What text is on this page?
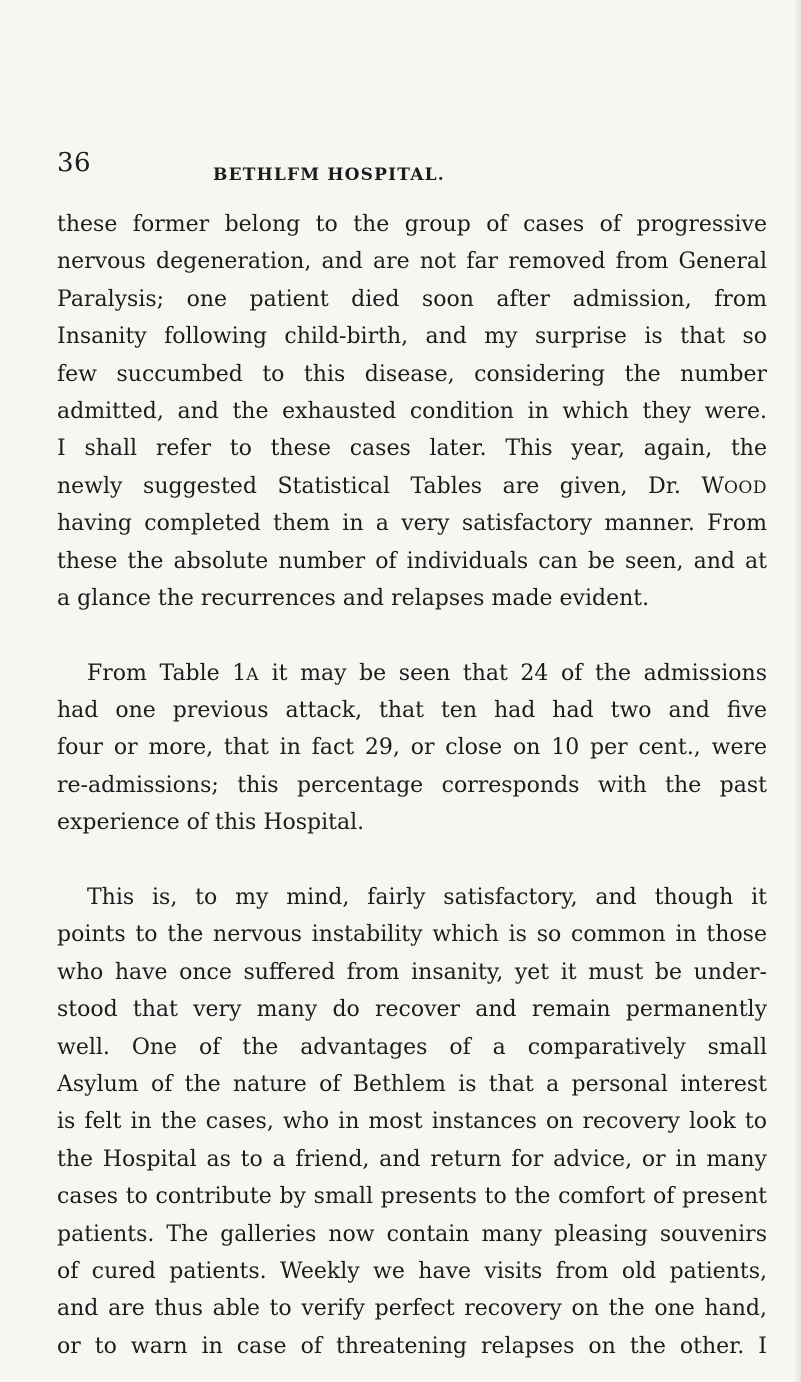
36	BETHLFM HOSPITAL.
these former belong to the group of cases of progressive
nervous degeneration, and are not far removed from General
Paralysis; one patient died soon after admission, from
Insanity following child-birth, and my surprise is that so
few succumbed to this disease, considering the number
admitted, and the exhausted condition in which they were.
I shall refer to these cases later. This year, again, the
newly suggested Statistical Tables are given, Dr. WOOD
having completed them in a very satisfactory manner. From
these the absolute number of individuals can be seen, and at
a glance the recurrences and relapses made evident.
From Table 1A it may be seen that 24 of the admissions
had one previous attack, that ten had had two and five
four or more, that in fact 29, or close on 10 per cent., were
re-admissions; this percentage corresponds with the past
experience of this Hospital.
This is, to my mind, fairly satisfactory, and though it
points to the nervous instability which is so common in those
who have once suffered from insanity, yet it must be under-
stood that very many do recover and remain permanently
well. One of the advantages of a comparatively small
Asylum of the nature of Bethlem is that a personal interest
is felt in the cases, who in most instances on recovery look to
the Hospital as to a friend, and return for advice, or in many
cases to contribute by small presents to the comfort of present
patients. The galleries now contain many pleasing souvenirs
of cured patients. Weekly we have visits from old patients,
and are thus able to verify perfect recovery on the one hand,
or to warn in case of threatening relapses on the other. I
